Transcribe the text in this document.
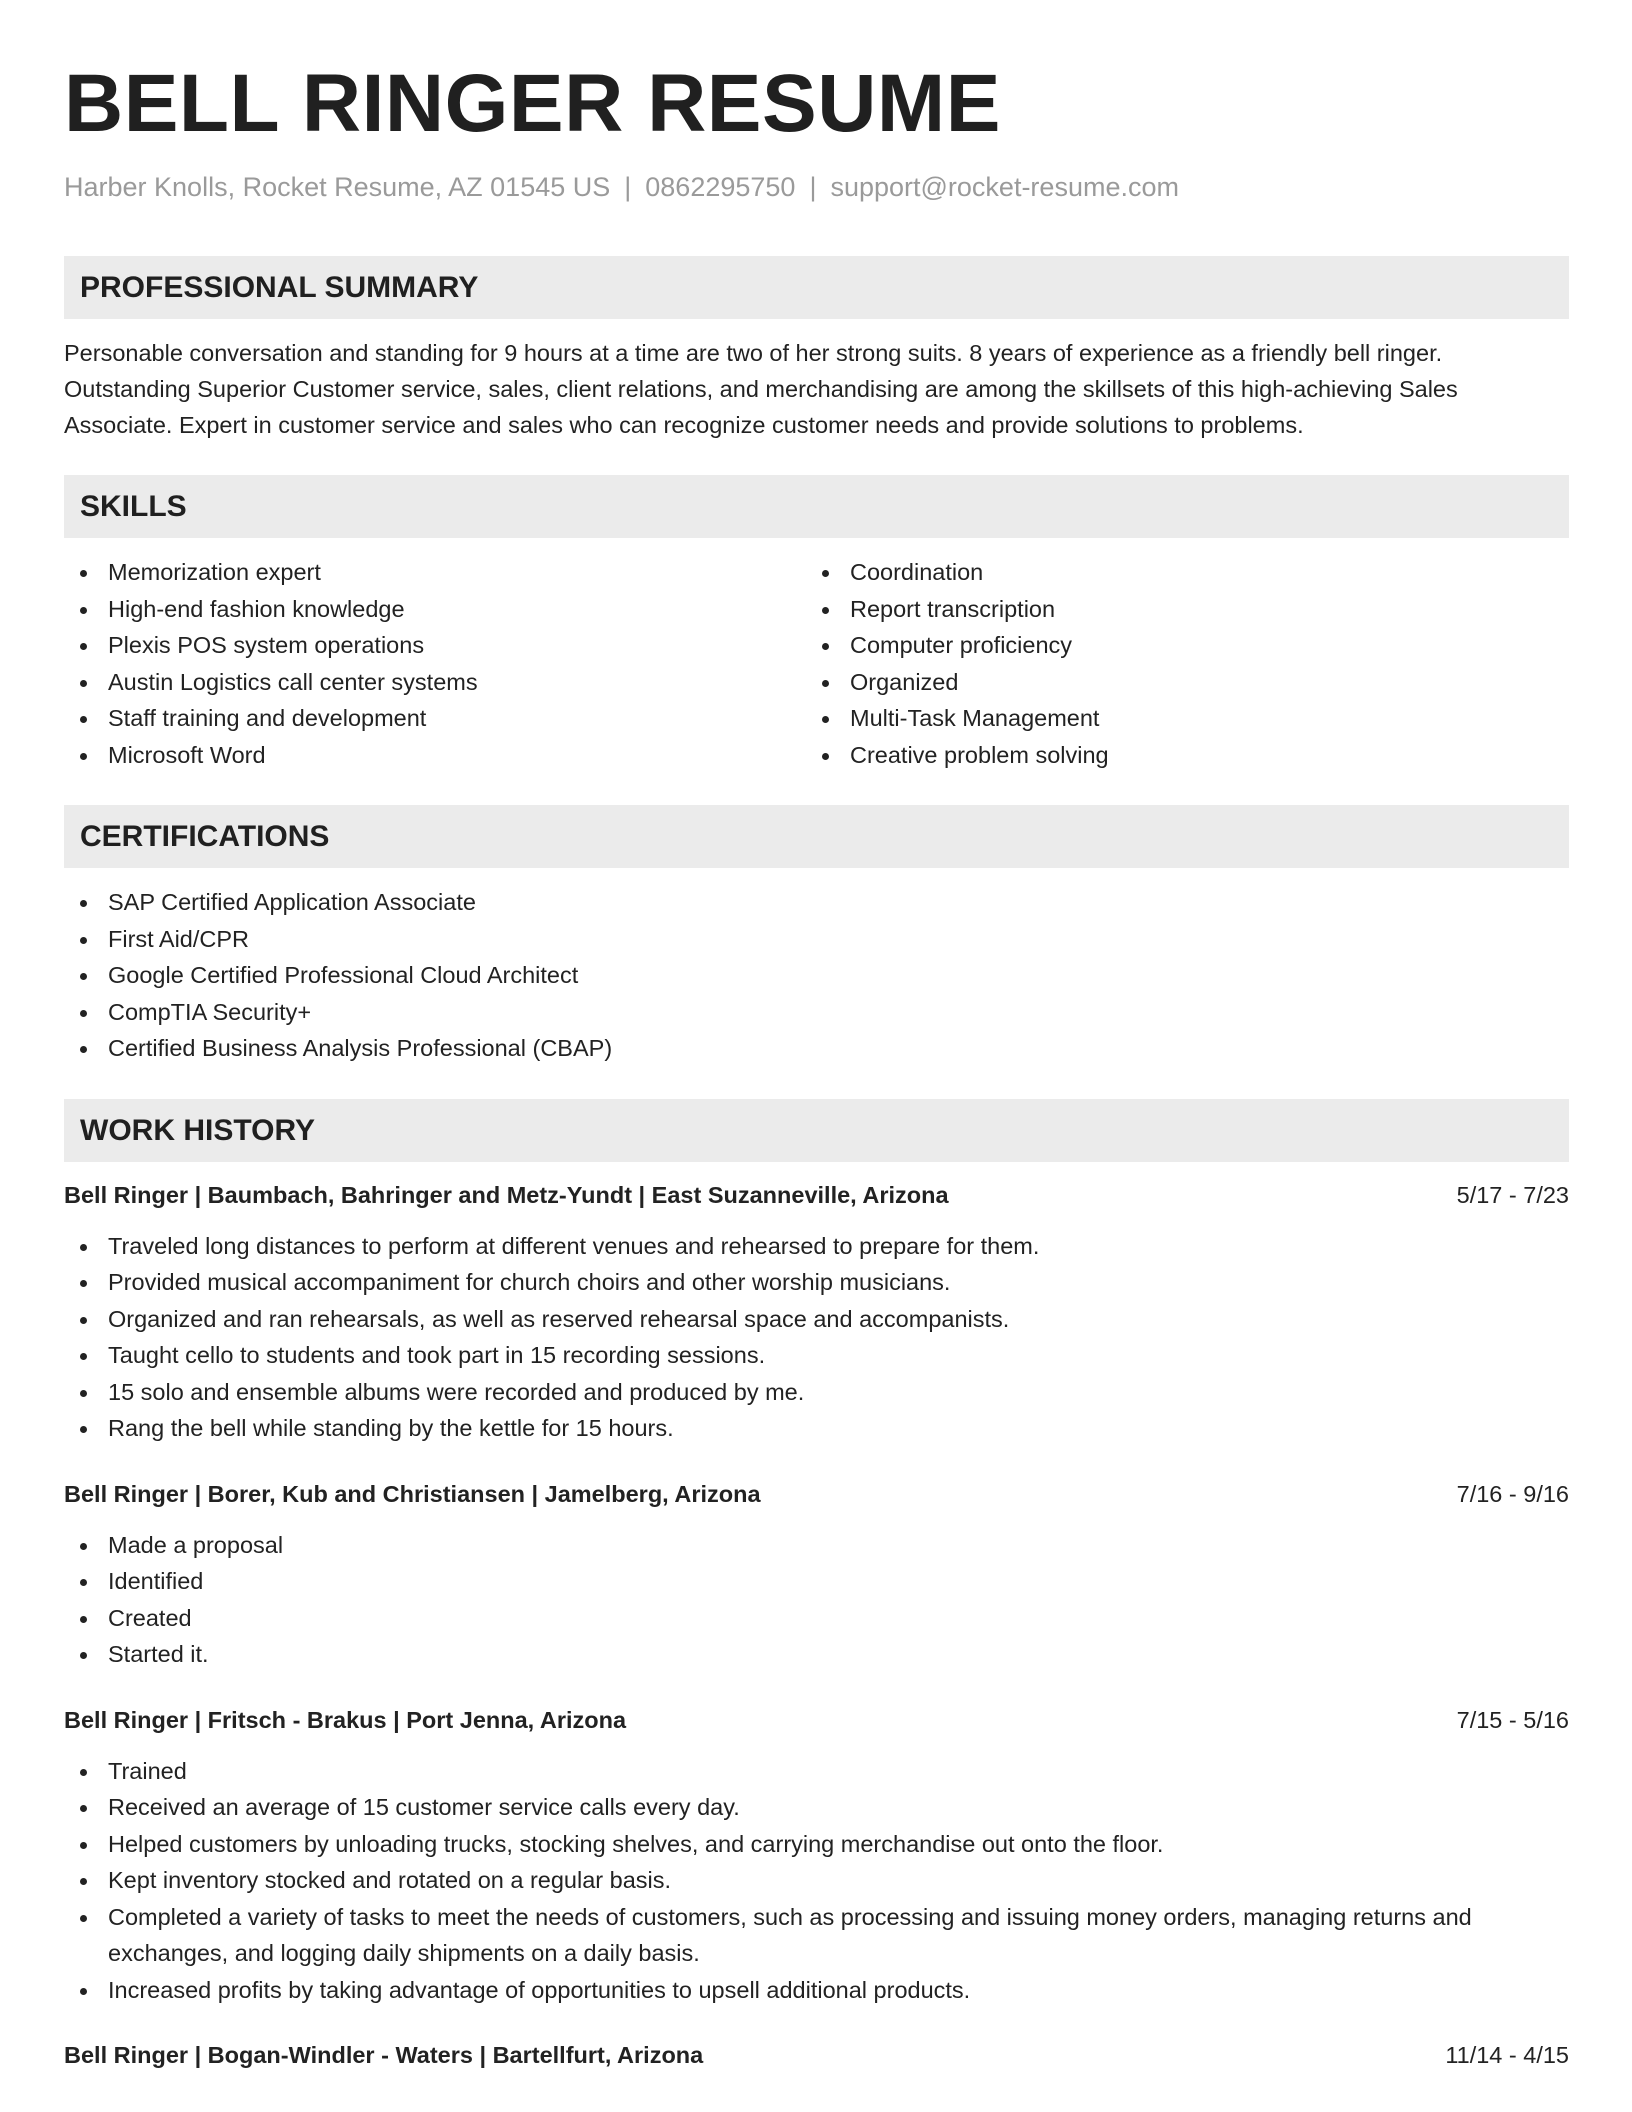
BELL RINGER RESUME
Harber Knolls, Rocket Resume, AZ 01545 US | 0862295750 | support@rocket-resume.com
PROFESSIONAL SUMMARY
Personable conversation and standing for 9 hours at a time are two of her strong suits. 8 years of experience as a friendly bell ringer. Outstanding Superior Customer service, sales, client relations, and merchandising are among the skillsets of this high-achieving Sales Associate. Expert in customer service and sales who can recognize customer needs and provide solutions to problems.
SKILLS
Memorization expert
High-end fashion knowledge
Plexis POS system operations
Austin Logistics call center systems
Staff training and development
Microsoft Word
Coordination
Report transcription
Computer proficiency
Organized
Multi-Task Management
Creative problem solving
CERTIFICATIONS
SAP Certified Application Associate
First Aid/CPR
Google Certified Professional Cloud Architect
CompTIA Security+
Certified Business Analysis Professional (CBAP)
WORK HISTORY
Bell Ringer | Baumbach, Bahringer and Metz-Yundt | East Suzanneville, Arizona	5/17 - 7/23
Traveled long distances to perform at different venues and rehearsed to prepare for them.
Provided musical accompaniment for church choirs and other worship musicians.
Organized and ran rehearsals, as well as reserved rehearsal space and accompanists.
Taught cello to students and took part in 15 recording sessions.
15 solo and ensemble albums were recorded and produced by me.
Rang the bell while standing by the kettle for 15 hours.
Bell Ringer | Borer, Kub and Christiansen | Jamelberg, Arizona	7/16 - 9/16
Made a proposal
Identified
Created
Started it.
Bell Ringer | Fritsch - Brakus | Port Jenna, Arizona	7/15 - 5/16
Trained
Received an average of 15 customer service calls every day.
Helped customers by unloading trucks, stocking shelves, and carrying merchandise out onto the floor.
Kept inventory stocked and rotated on a regular basis.
Completed a variety of tasks to meet the needs of customers, such as processing and issuing money orders, managing returns and exchanges, and logging daily shipments on a daily basis.
Increased profits by taking advantage of opportunities to upsell additional products.
Bell Ringer | Bogan-Windler - Waters | Bartellfurt, Arizona	11/14 - 4/15
